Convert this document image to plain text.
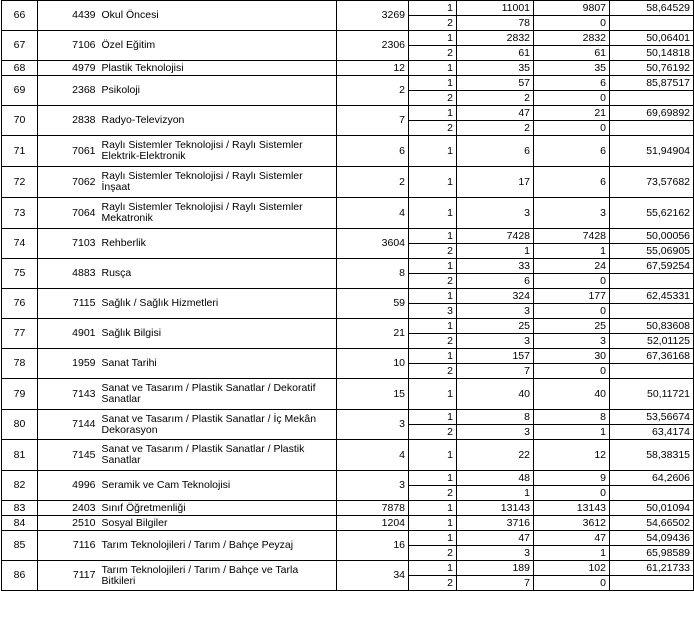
66	4439	Okul Öncesi	3269	1	11001	9807	58,64529
				2	78	0	
67	7106	Özel Eğitim	2306	1	2832	2832	50,06401
				2	61	61	50,14818
68	4979	Plastik Teknolojisi	12	1	35	35	50,76192
69	2368	Psikoloji	2	1	57	6	85,87517
				2	2	0	
70	2838	Radyo-Televizyon	7	1	47	21	69,69892
				2	2	0	
71	7061	Raylı Sistemler Teknolojisi / Raylı Sistemler Elektrik-Elektronik	6	1	6	6	51,94904
72	7062	Raylı Sistemler Teknolojisi / Raylı Sistemler İnşaat	2	1	17	6	73,57682
73	7064	Raylı Sistemler Teknolojisi / Raylı Sistemler Mekatronik	4	1	3	3	55,62162
74	7103	Rehberlik	3604	1	7428	7428	50,00056
				2	1	1	55,06905
75	4883	Rusça	8	1	33	24	67,59254
				2	6	0	
76	7115	Sağlık / Sağlık Hizmetleri	59	1	324	177	62,45331
				3	3	0	
77	4901	Sağlık Bilgisi	21	1	25	25	50,83608
				2	3	3	52,01125
78	1959	Sanat Tarihi	10	1	157	30	67,36168
				2	7	0	
79	7143	Sanat ve Tasarım / Plastik Sanatlar / Dekoratif Sanatlar	15	1	40	40	50,11721
80	7144	Sanat ve Tasarım / Plastik Sanatlar / İç Mekân Dekorasyon	3	1	8	8	53,56674
				2	3	1	63,4174
81	7145	Sanat ve Tasarım / Plastik Sanatlar / Plastik Sanatlar	4	1	22	12	58,38315
82	4996	Seramik ve Cam Teknolojisi	3	1	48	9	64,2606
				2	1	0	
83	2403	Sınıf Öğretmenliği	7878	1	13143	13143	50,01094
84	2510	Sosyal Bilgiler	1204	1	3716	3612	54,66502
85	7116	Tarım Teknolojileri / Tarım / Bahçe Peyzaj	16	1	47	47	54,09436
				2	3	1	65,98589
86	7117	Tarım Teknolojileri / Tarım / Bahçe ve Tarla Bitkileri	34	1	189	102	61,21733
				2	7	0	
